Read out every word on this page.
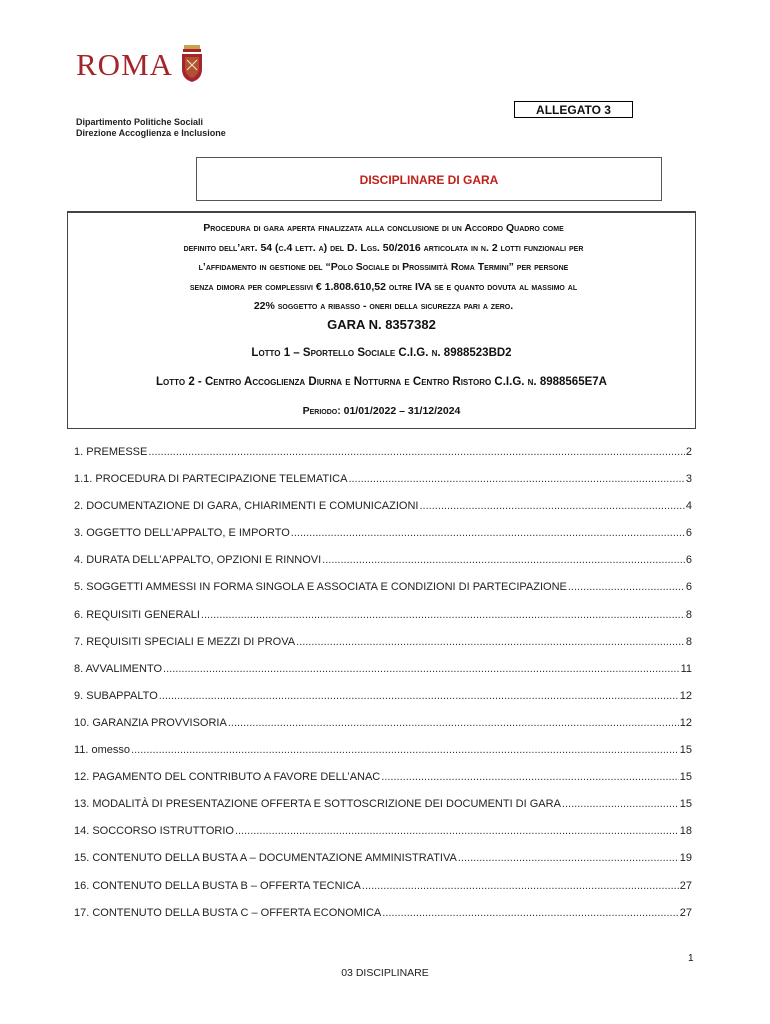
ROMA
Dipartimento Politiche Sociali
Direzione Accoglienza e Inclusione
ALLEGATO 3
DISCIPLINARE DI GARA
Procedura di gara aperta finalizzata alla conclusione di un Accordo Quadro come
definito dell’art. 54 (c.4 lett. a) del D. Lgs. 50/2016 articolata in n. 2 lotti funzionali per
l’affidamento in gestione del “Polo Sociale di Prossimità Roma Termini” per persone
senza dimora per complessivi € 1.808.610,52 oltre IVA se e quanto dovuta al massimo al
22% soggetto a ribasso - oneri della sicurezza pari a zero.
GARA N. 8357382
Lotto 1 – Sportello Sociale C.I.G. n. 8988523BD2
Lotto 2 - Centro Accoglienza Diurna e Notturna e Centro Ristoro C.I.G. n. 8988565E7A
Periodo: 01/01/2022 – 31/12/2024
1. PREMESSE .....	2
1.1. PROCEDURA DI PARTECIPAZIONE TELEMATICA .....	3
2. DOCUMENTAZIONE DI GARA, CHIARIMENTI E COMUNICAZIONI .....	4
3. OGGETTO DELL’APPALTO, E IMPORTO .....	6
4. DURATA DELL’APPALTO, OPZIONI E RINNOVI .....	6
5. SOGGETTI AMMESSI IN FORMA SINGOLA E ASSOCIATA E CONDIZIONI DI PARTECIPAZIONE .....	6
6. REQUISITI GENERALI .....	8
7. REQUISITI SPECIALI E MEZZI DI PROVA .....	8
8. AVVALIMENTO .....	11
9. SUBAPPALTO .....	12
10. GARANZIA PROVVISORIA .....	12
11. omesso .....	15
12. PAGAMENTO DEL CONTRIBUTO A FAVORE DELL’ANAC .....	15
13. MODALITÀ DI PRESENTAZIONE OFFERTA E SOTTOSCRIZIONE DEI DOCUMENTI DI GARA .....	15
14. SOCCORSO ISTRUTTORIO .....	18
15. CONTENUTO DELLA BUSTA A – DOCUMENTAZIONE AMMINISTRATIVA .....	19
16. CONTENUTO DELLA BUSTA B – OFFERTA TECNICA .....	27
17. CONTENUTO DELLA BUSTA C – OFFERTA ECONOMICA .....	27
1
03 DISCIPLINARE
